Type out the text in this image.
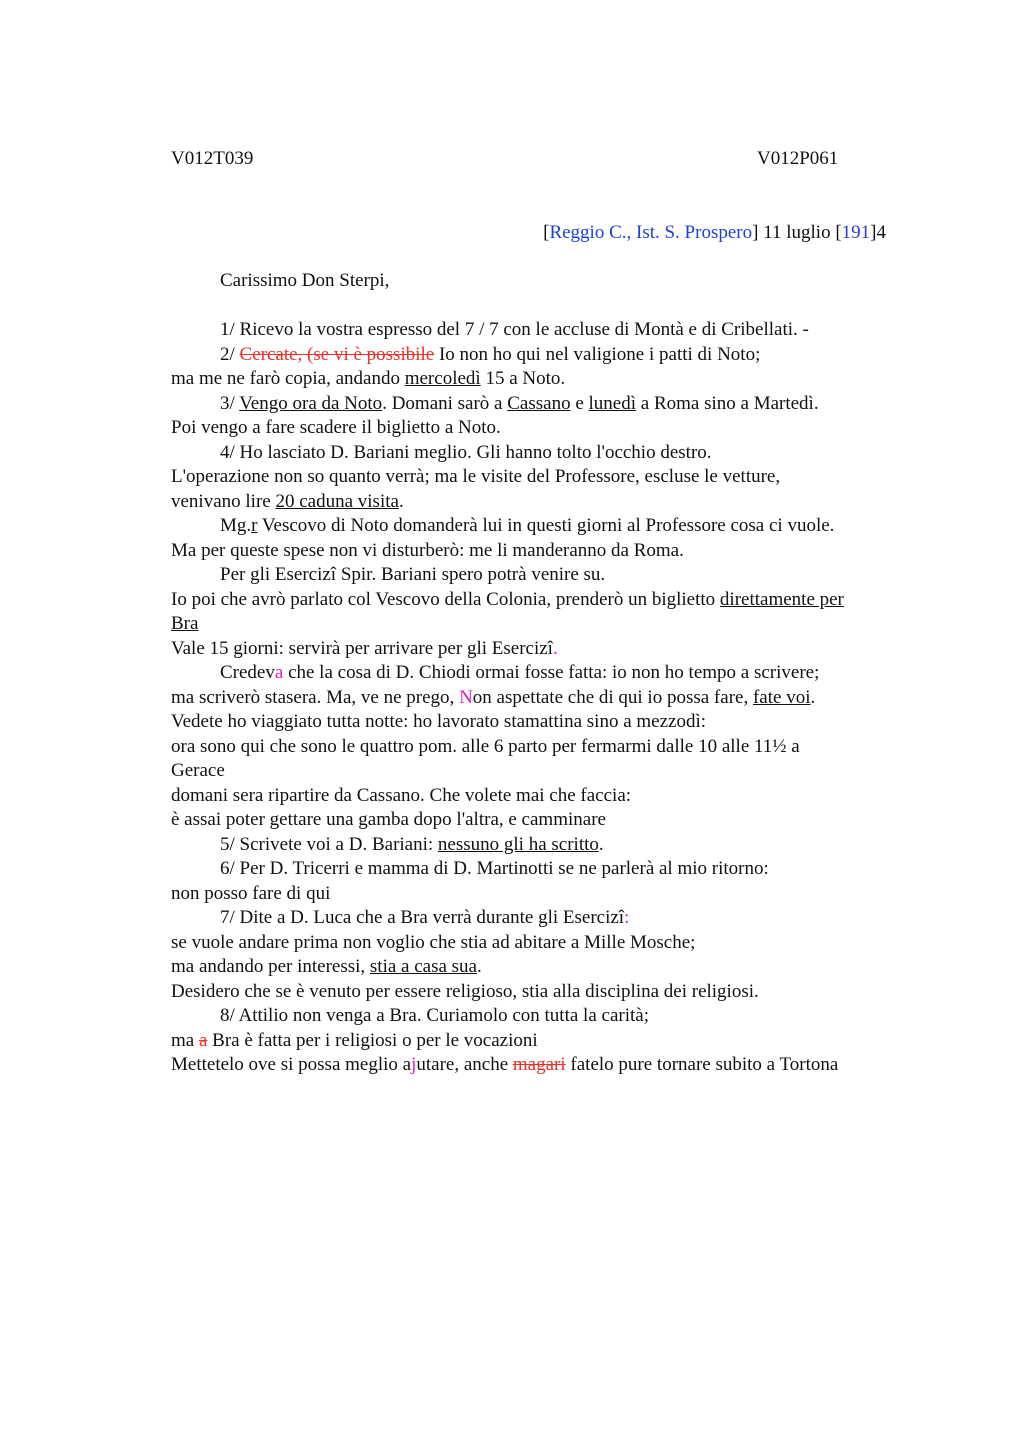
V012T039	V012P061
[Reggio C., Ist. S. Prospero] 11 luglio [191]4
Carissimo Don Sterpi,
1/ Ricevo la vostra espresso del 7 / 7 con le accluse di Montà e di Cribellati. -
2/ Cercate, (se vi è possibile Io non ho qui nel valigione i patti di Noto;
ma me ne farò copia, andando mercoledì 15 a Noto.
3/ Vengo ora da Noto. Domani sarò a Cassano e lunedì a Roma sino a Martedì.
Poi vengo a fare scadere il biglietto a Noto.
4/ Ho lasciato D. Bariani meglio. Gli hanno tolto l'occhio destro.
L'operazione non so quanto verrà; ma le visite del Professore, escluse le vetture,
venivano lire 20 caduna visita.
Mg.r Vescovo di Noto domanderà lui in questi giorni al Professore cosa ci vuole.
Ma per queste spese non vi disturberò: me li manderanno da Roma.
Per gli Esercizî Spir. Bariani spero potrà venire su.
Io poi che avrò parlato col Vescovo della Colonia, prenderò un biglietto direttamente per
Bra
Vale 15 giorni: servirà per arrivare per gli Esercizî.
Credeva che la cosa di D. Chiodi ormai fosse fatta: io non ho tempo a scrivere;
ma scriverò stasera. Ma, ve ne prego, Non aspettate che di qui io possa fare, fate voi.
Vedete ho viaggiato tutta notte: ho lavorato stamattina sino a mezzodì:
ora sono qui che sono le quattro pom. alle 6 parto per fermarmi dalle 10 alle 11½ a
Gerace
domani sera ripartire da Cassano. Che volete mai che faccia:
è assai poter gettare una gamba dopo l'altra, e camminare
5/ Scrivete voi a D. Bariani: nessuno gli ha scritto.
6/ Per D. Tricerri e mamma di D. Martinotti se ne parlerà al mio ritorno:
non posso fare di qui
7/ Dite a D. Luca che a Bra verrà durante gli Esercizî:
se vuole andare prima non voglio che stia ad abitare a Mille Mosche;
ma andando per interessi, stia a casa sua.
Desidero che se è venuto per essere religioso, stia alla disciplina dei religiosi.
8/ Attilio non venga a Bra. Curiamolo con tutta la carità;
ma a Bra è fatta per i religiosi o per le vocazioni
Mettetelo ove si possa meglio ajutare, anche magari fatelo pure tornare subito a Tortona
